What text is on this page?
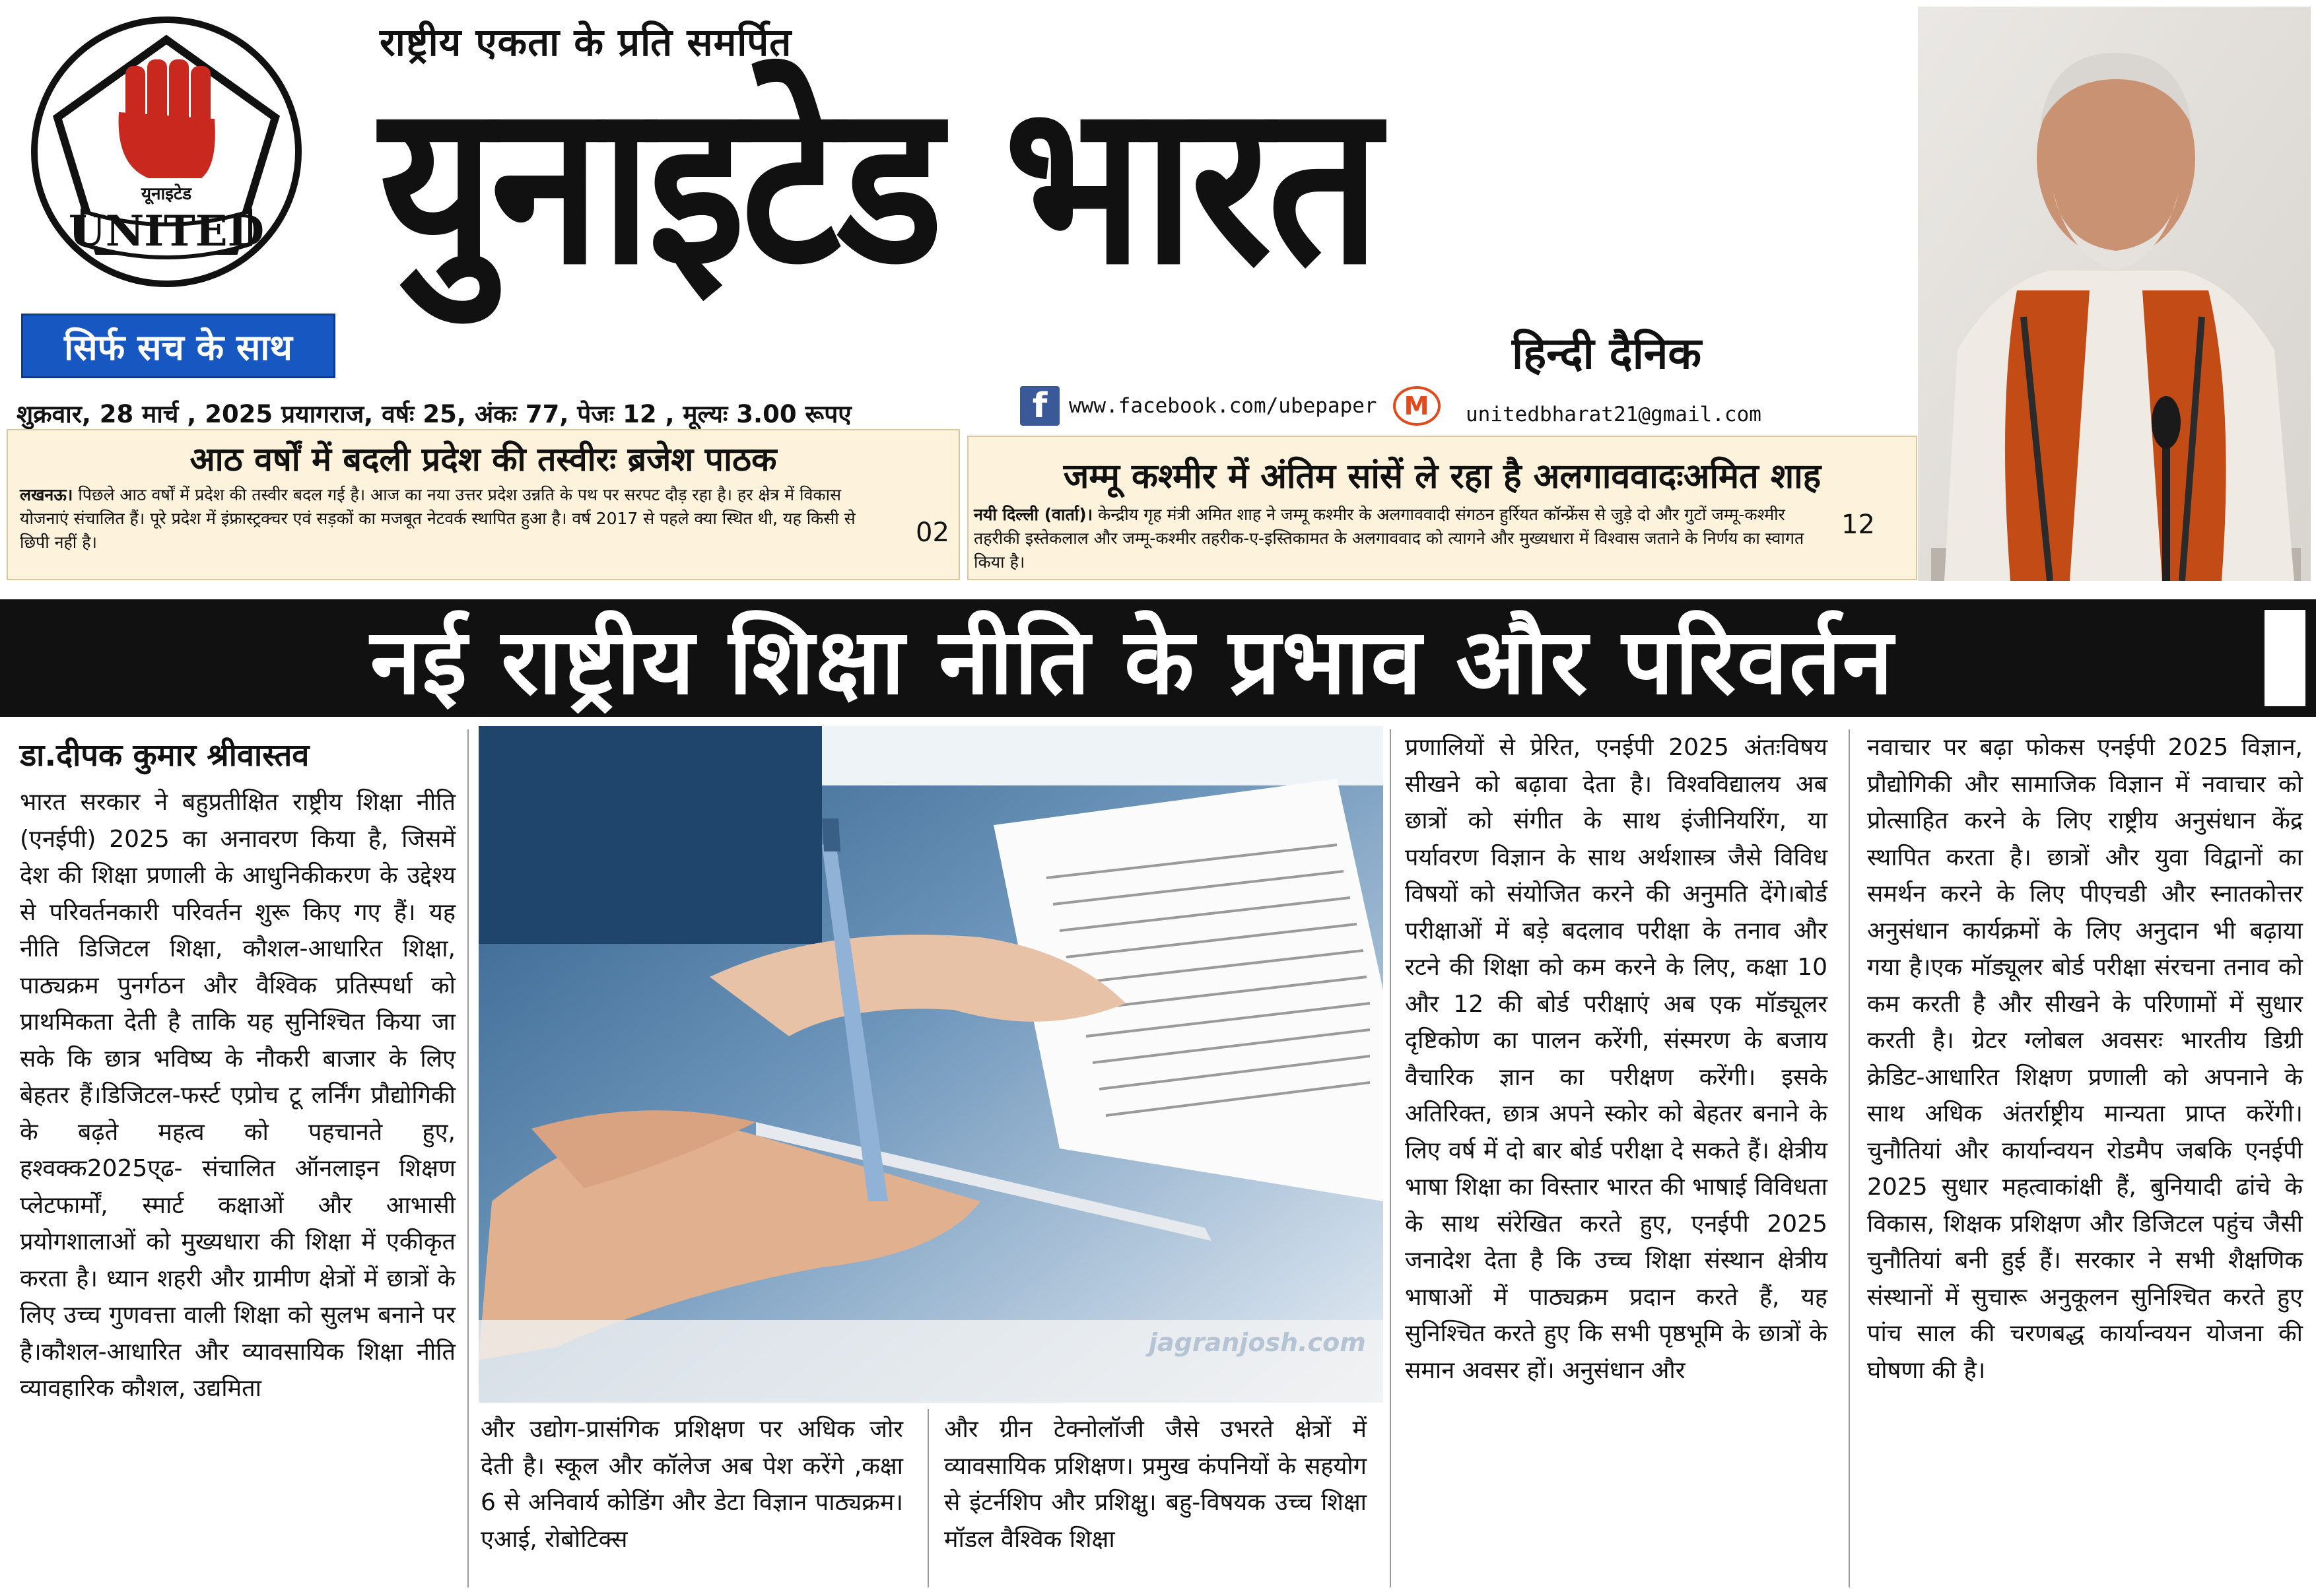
UNITED
यूनाइटेड
राष्ट्रीय एकता के प्रति समर्पित
युनाइटेड भारत
हिन्दी दैनिक
सिर्फ सच के साथ
शुक्रवार, 28 मार्च , 2025 प्रयागराज, वर्षः 25, अंकः 77, पेजः 12 , मूल्यः 3.00 रूपए	f	www.facebook.com/ubepaper	M	unitedbharat21@gmail.com
आठ वर्षों में बदली प्रदेश की तस्वीरः ब्रजेश पाठक
लखनऊ। पिछले आठ वर्षों में प्रदेश की तस्वीर बदल गई है। आज का नया उत्तर प्रदेश उन्नति के पथ पर सरपट दौड़ रहा है। हर क्षेत्र में विकास योजनाएं संचालित हैं। पूरे प्रदेश में इंफ्रास्ट्रक्चर एवं सड़कों का मजबूत नेटवर्क स्थापित हुआ है। वर्ष 2017 से पहले क्या स्थित थी, यह किसी से छिपी नहीं है।	02
जम्मू कश्मीर में अंतिम सांसें ले रहा है अलगाववादःअमित शाह
नयी दिल्ली (वार्ता)। केन्द्रीय गृह मंत्री अमित शाह ने जम्मू कश्मीर के अलगाववादी संगठन हुर्रियत कॉन्फ्रेंस से जुड़े दो और गुटों जम्मू-कश्मीर तहरीकी इस्तेकलाल और जम्मू-कश्मीर तहरीक-ए-इस्तिकामत के अलगाववाद को त्यागने और मुख्यधारा में विश्वास जताने के निर्णय का स्वागत किया है।
12
नई राष्ट्रीय शिक्षा नीति के प्रभाव और परिवर्तन
डा.दीपक कुमार श्रीवास्तव
भारत सरकार ने बहुप्रतीक्षित राष्ट्रीय शिक्षा नीति (एनईपी) 2025 का अनावरण किया है, जिसमें देश की शिक्षा प्रणाली के आधुनिकीकरण के उद्देश्य से परिवर्तनकारी परिवर्तन शुरू किए गए हैं। यह नीति डिजिटल शिक्षा, कौशल-आधारित शिक्षा, पाठ्यक्रम पुनर्गठन और वैश्विक प्रतिस्पर्धा को प्राथमिकता देती है ताकि यह सुनिश्चित किया जा सके कि छात्र भविष्य के नौकरी बाजार के लिए बेहतर हैं।डिजिटल-फर्स्ट एप्रोच टू लर्निंग प्रौद्योगिकी के बढ़ते महत्व को पहचानते हुए, हश्वक्क2025ए्ढ- संचालित ऑनलाइन शिक्षण प्लेटफार्मों, स्मार्ट कक्षाओं और आभासी प्रयोगशालाओं को मुख्यधारा की शिक्षा में एकीकृत करता है। ध्यान शहरी और ग्रामीण क्षेत्रों में छात्रों के लिए उच्च गुणवत्ता वाली शिक्षा को सुलभ बनाने पर है।कौशल-आधारित और व्यावसायिक शिक्षा नीति व्यावहारिक कौशल, उद्यमिता
jagranjosh.com
और उद्योग-प्रासंगिक प्रशिक्षण पर अधिक जोर देती है। स्कूल और कॉलेज अब पेश करेंगे ,कक्षा 6 से अनिवार्य कोडिंग और डेटा विज्ञान पाठ्यक्रम। एआई, रोबोटिक्स
और ग्रीन टेक्नोलॉजी जैसे उभरते क्षेत्रों में व्यावसायिक प्रशिक्षण। प्रमुख कंपनियों के सहयोग से इंटर्नशिप और प्रशिक्षु। बहु-विषयक उच्च शिक्षा मॉडल वैश्विक शिक्षा
प्रणालियों से प्रेरित, एनईपी 2025 अंतःविषय सीखने को बढ़ावा देता है। विश्वविद्यालय अब छात्रों को संगीत के साथ इंजीनियरिंग, या पर्यावरण विज्ञान के साथ अर्थशास्त्र जैसे विविध विषयों को संयोजित करने की अनुमति देंगे।बोर्ड परीक्षाओं में बड़े बदलाव परीक्षा के तनाव और रटने की शिक्षा को कम करने के लिए, कक्षा 10 और 12 की बोर्ड परीक्षाएं अब एक मॉड्यूलर दृष्टिकोण का पालन करेंगी, संस्मरण के बजाय वैचारिक ज्ञान का परीक्षण करेंगी। इसके अतिरिक्त, छात्र अपने स्कोर को बेहतर बनाने के लिए वर्ष में दो बार बोर्ड परीक्षा दे सकते हैं। क्षेत्रीय भाषा शिक्षा का विस्तार भारत की भाषाई विविधता के साथ संरेखित करते हुए, एनईपी 2025 जनादेश देता है कि उच्च शिक्षा संस्थान क्षेत्रीय भाषाओं में पाठ्यक्रम प्रदान करते हैं, यह सुनिश्चित करते हुए कि सभी पृष्ठभूमि के छात्रों के समान अवसर हों। अनुसंधान और
नवाचार पर बढ़ा फोकस एनईपी 2025 विज्ञान, प्रौद्योगिकी और सामाजिक विज्ञान में नवाचार को प्रोत्साहित करने के लिए राष्ट्रीय अनुसंधान केंद्र स्थापित करता है। छात्रों और युवा विद्वानों का समर्थन करने के लिए पीएचडी और स्नातकोत्तर अनुसंधान कार्यक्रमों के लिए अनुदान भी बढ़ाया गया है।एक मॉड्यूलर बोर्ड परीक्षा संरचना तनाव को कम करती है और सीखने के परिणामों में सुधार करती है। ग्रेटर ग्लोबल अवसरः भारतीय डिग्री क्रेडिट-आधारित शिक्षण प्रणाली को अपनाने के साथ अधिक अंतर्राष्ट्रीय मान्यता प्राप्त करेंगी। चुनौतियां और कार्यान्वयन रोडमैप जबकि एनईपी 2025 सुधार महत्वाकांक्षी हैं, बुनियादी ढांचे के विकास, शिक्षक प्रशिक्षण और डिजिटल पहुंच जैसी चुनौतियां बनी हुई हैं। सरकार ने सभी शैक्षणिक संस्थानों में सुचारू अनुकूलन सुनिश्चित करते हुए पांच साल की चरणबद्ध कार्यान्वयन योजना की घोषणा की है।
